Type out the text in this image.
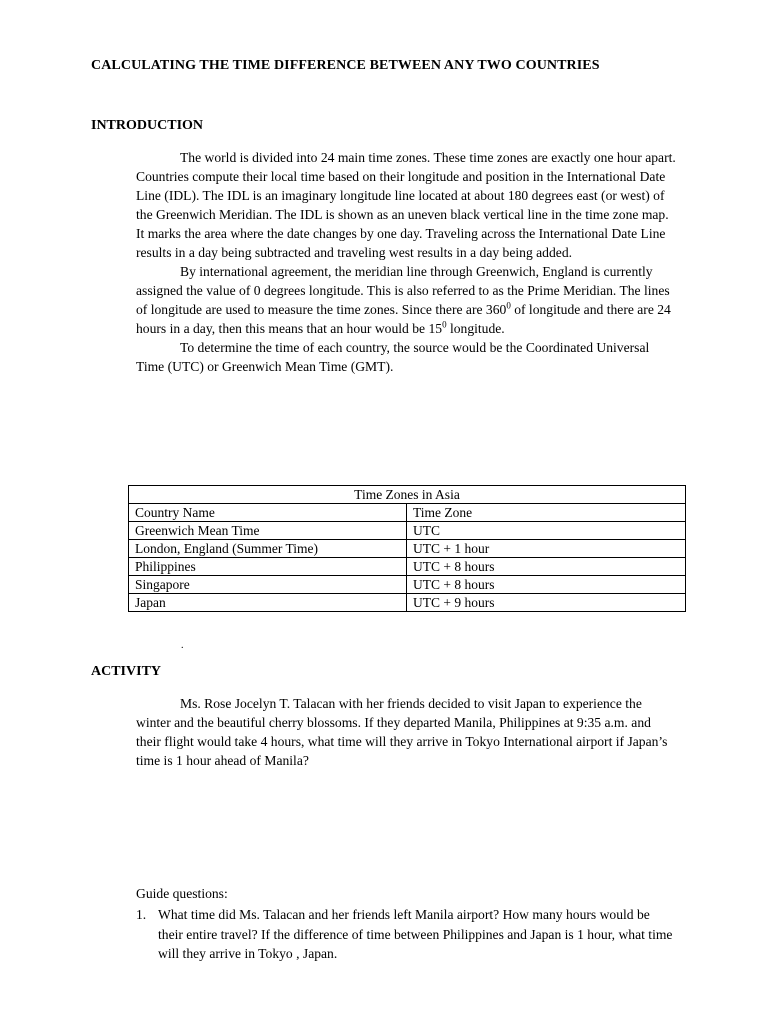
CALCULATING THE TIME DIFFERENCE BETWEEN ANY TWO COUNTRIES
INTRODUCTION

The world is divided into 24 main time zones. These time zones are exactly one hour apart. Countries compute their local time based on their longitude and position in the International Date Line (IDL). The IDL is an imaginary longitude line located at about 180 degrees east (or west) of the Greenwich Meridian. The IDL is shown as an uneven black vertical line in the time zone map. It marks the area where the date changes by one day. Traveling across the International Date Line results in a day being subtracted and traveling west results in a day being added.

By international agreement, the meridian line through Greenwich, England is currently assigned the value of 0 degrees longitude. This is also referred to as the Prime Meridian. The lines of longitude are used to measure the time zones. Since there are $360^0$ of longitude and there are 24 hours in a day, then this means that an hour would be $15^0$ longitude.

To determine the time of each country, the source would be the Coordinated Universal Time (UTC) or Greenwich Mean Time (GMT).

Time Zones in Asia	
Country Name	Time Zone
Greenwich Mean Time	UTC
London, England (Summer Time)	UTC + 1 hour
Philippines	UTC + 8 hours
Singapore	UTC + 8 hours
Japan	UTC + 9 hours

.

ACTIVITY

Ms. Rose Jocelyn T. Talacan with her friends decided to visit Japan to experience the winter and the beautiful cherry blossoms. If they departed Manila, Philippines at 9:35 a.m. and their flight would take 4 hours, what time will they arrive in Tokyo International airport if Japan’s time is 1 hour ahead of Manila?

Guide questions:

1. What time did Ms. Talacan and her friends left Manila airport? How many hours would be their entire travel? If the difference of time between Philippines and Japan is 1 hour, what time will they arrive in Tokyo , Japan.
